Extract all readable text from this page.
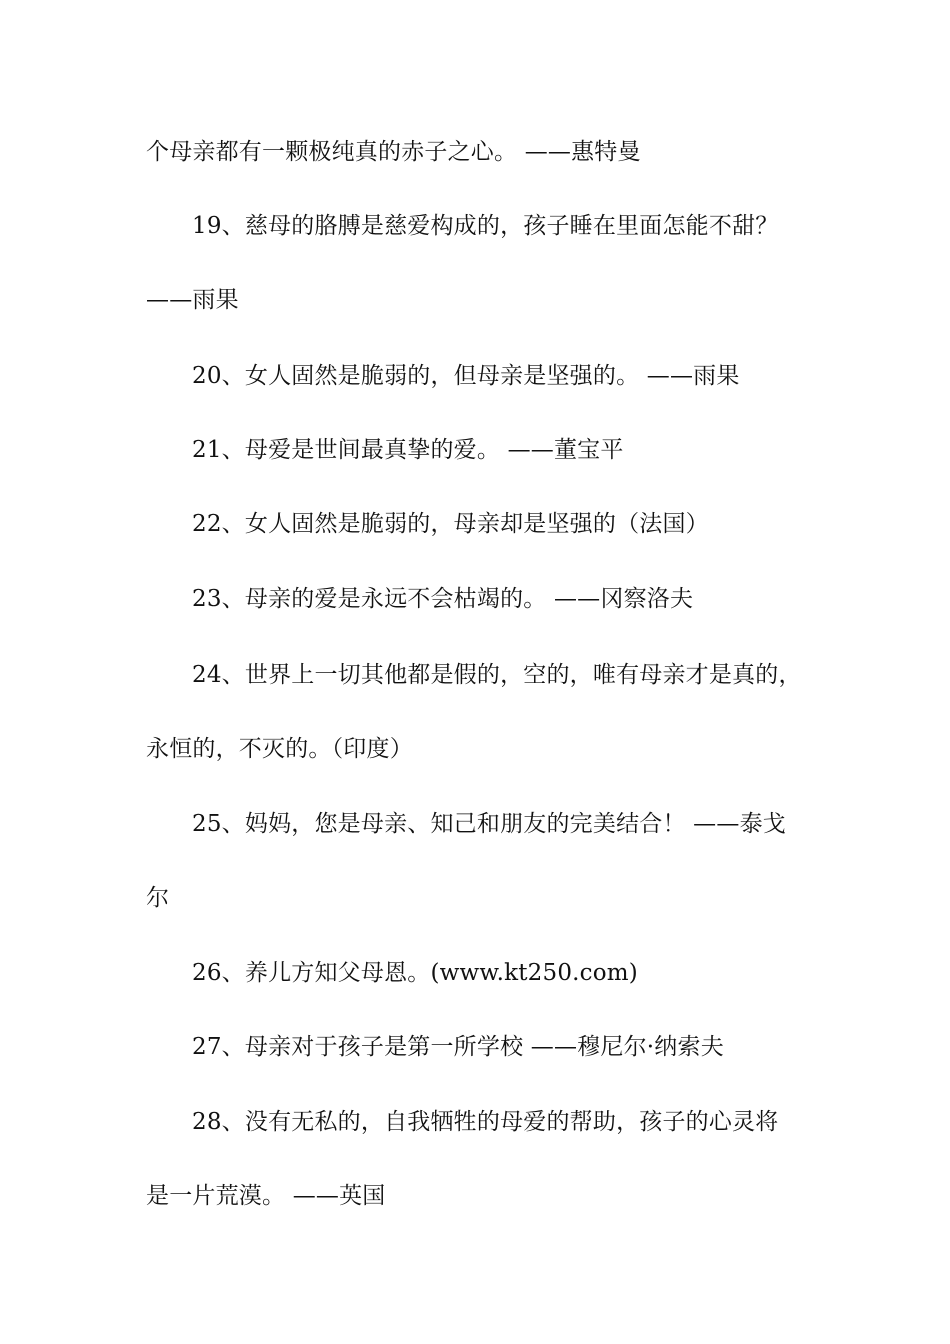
个母亲都有一颗极纯真的赤子之心。 ——惠特曼
19、慈母的胳膊是慈爱构成的，孩子睡在里面怎能不甜？
——雨果
20、女人固然是脆弱的，但母亲是坚强的。 ——雨果
21、母爱是世间最真挚的爱。 ——董宝平
22、女人固然是脆弱的，母亲却是坚强的（法国）
23、母亲的爱是永远不会枯竭的。 ——冈察洛夫
24、世界上一切其他都是假的，空的，唯有母亲才是真的，
永恒的，不灭的。（印度）
25、妈妈，您是母亲、知己和朋友的完美结合！ ——泰戈
尔
26、养儿方知父母恩。(www.kt250.com)
27、母亲对于孩子是第一所学校 ——穆尼尔·纳索夫
28、没有无私的，自我牺牲的母爱的帮助，孩子的心灵将
是一片荒漠。 ——英国
